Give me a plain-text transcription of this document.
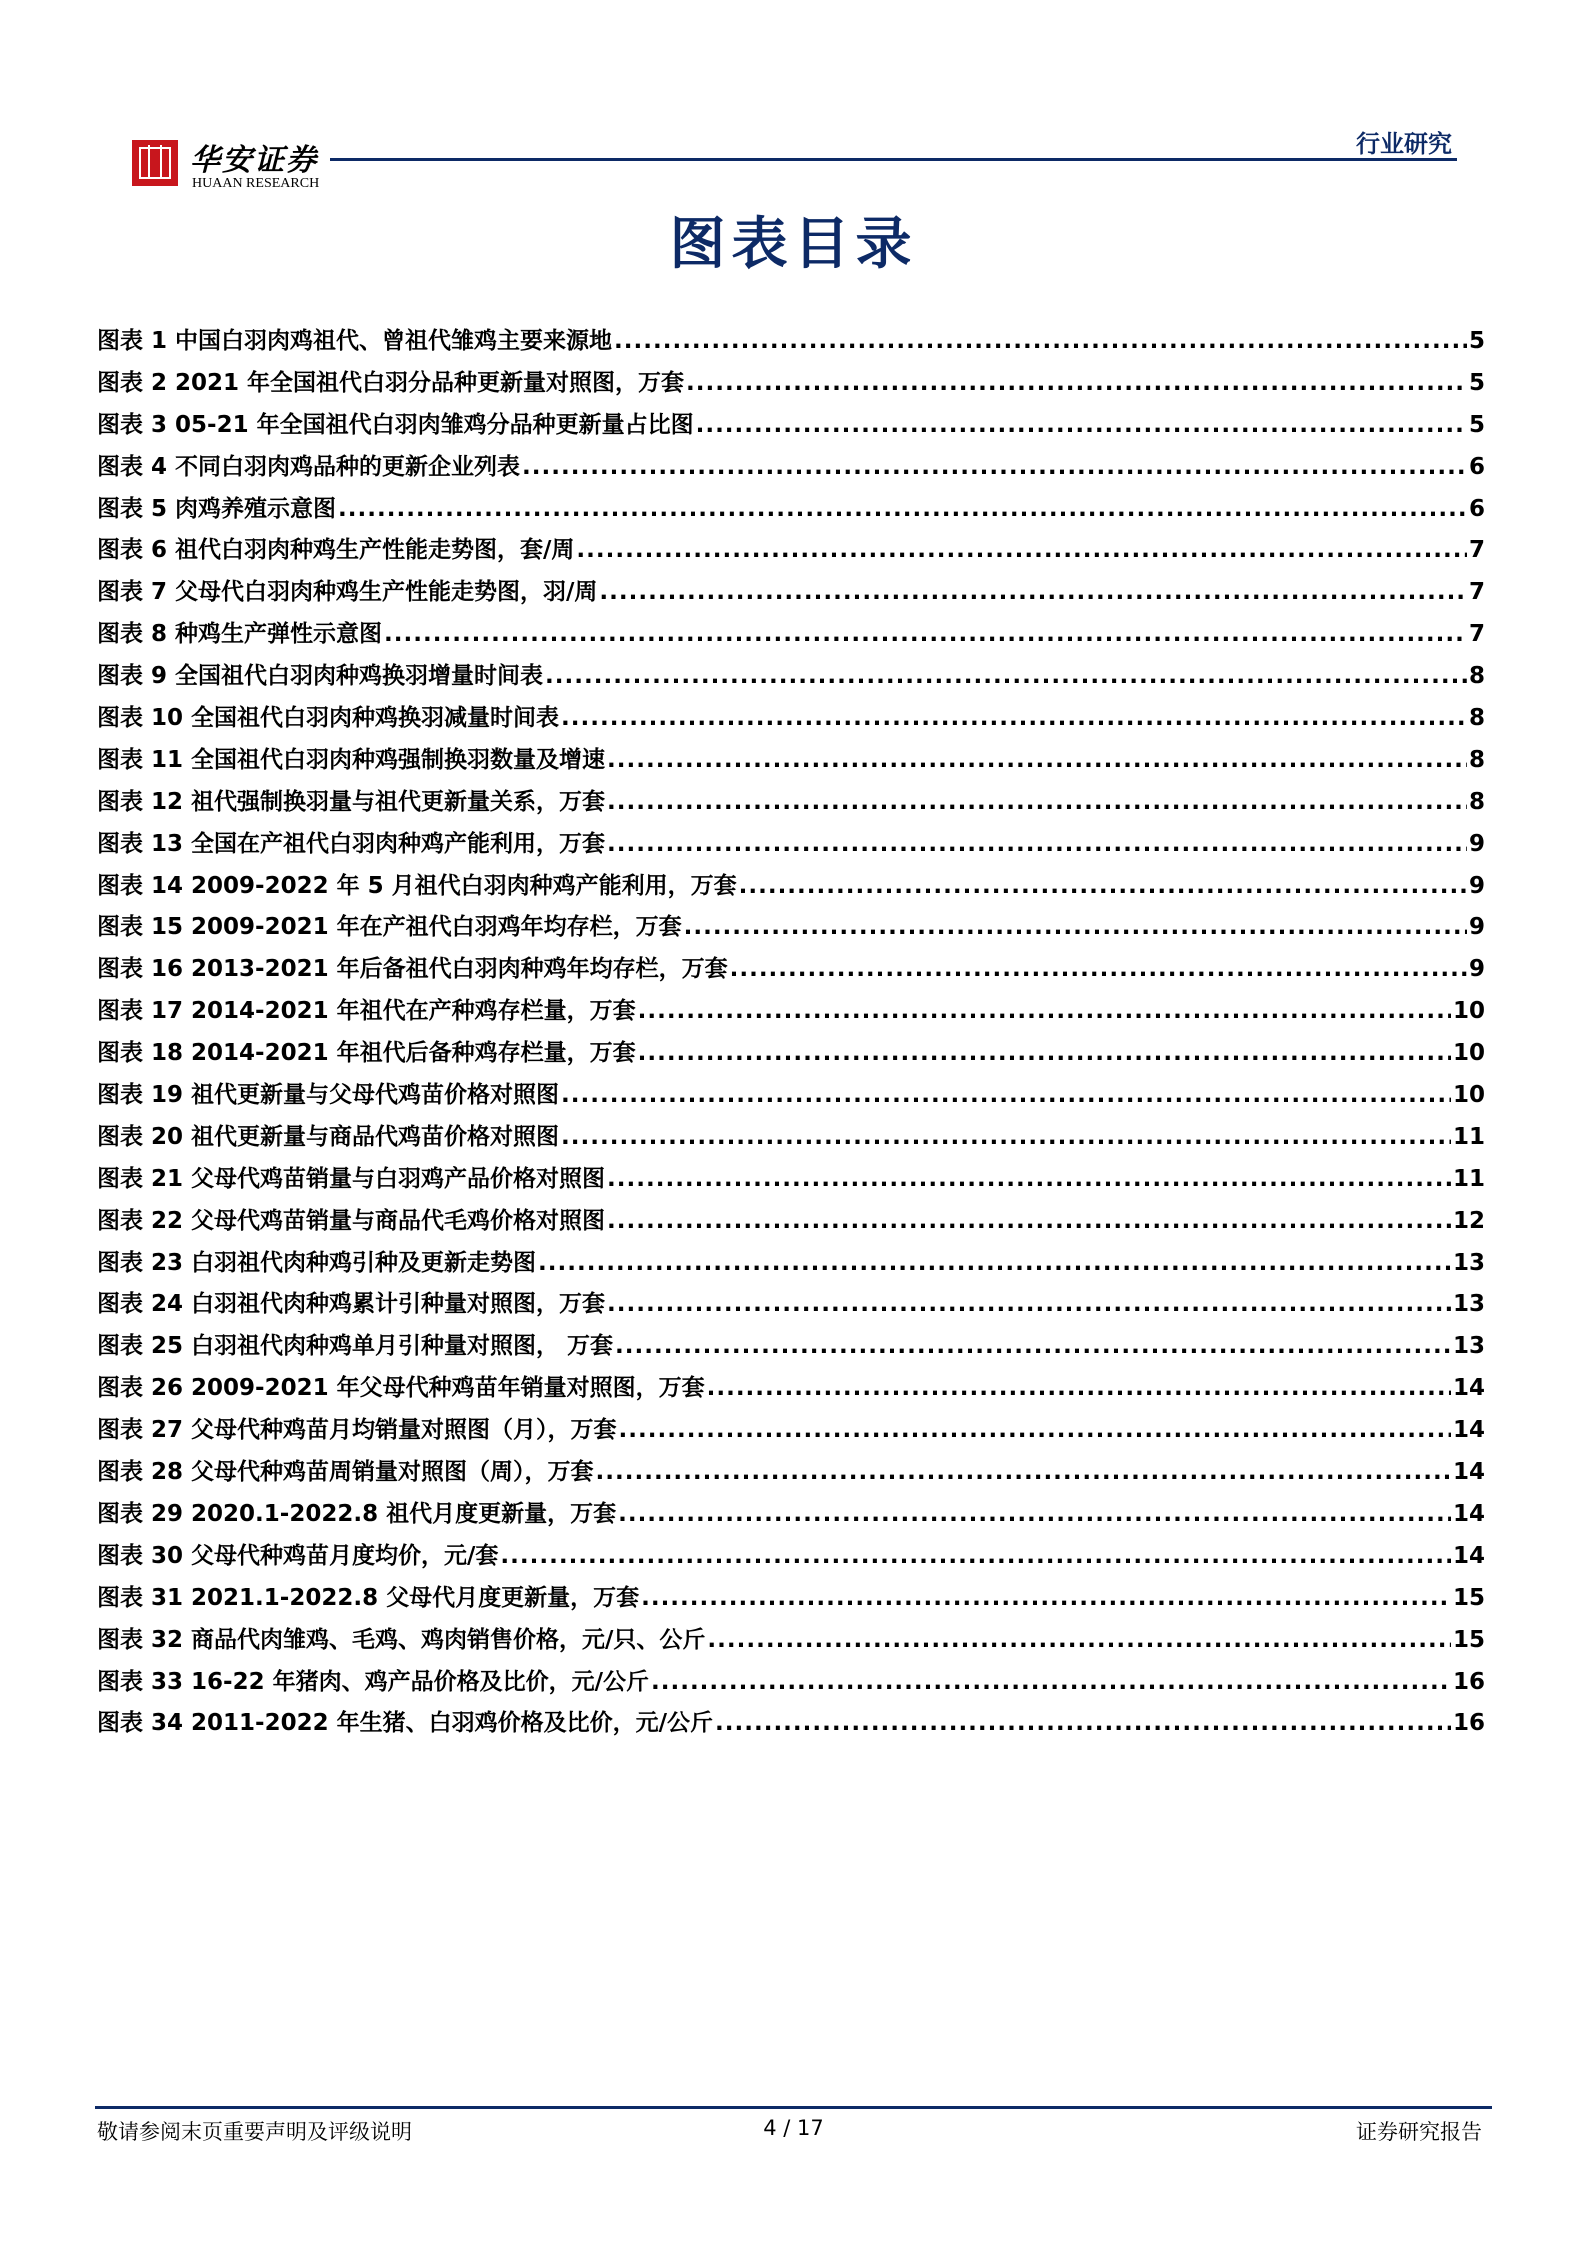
华安证券
HUAAN RESEARCH
行业研究
图表目录
图表 1 中国白羽肉鸡祖代、曾祖代雏鸡主要来源地 .....	5
图表 2 2021 年全国祖代白羽分品种更新量对照图，万套 .....	5
图表 3 05-21 年全国祖代白羽肉雏鸡分品种更新量占比图 .....	5
图表 4 不同白羽肉鸡品种的更新企业列表 .....	6
图表 5 肉鸡养殖示意图 .....	6
图表 6 祖代白羽肉种鸡生产性能走势图，套/周 .....	7
图表 7 父母代白羽肉种鸡生产性能走势图，羽/周 .....	7
图表 8 种鸡生产弹性示意图 .....	7
图表 9 全国祖代白羽肉种鸡换羽增量时间表 .....	8
图表 10 全国祖代白羽肉种鸡换羽减量时间表 .....	8
图表 11 全国祖代白羽肉种鸡强制换羽数量及增速 .....	8
图表 12 祖代强制换羽量与祖代更新量关系，万套 .....	8
图表 13 全国在产祖代白羽肉种鸡产能利用，万套 .....	9
图表 14 2009-2022 年 5 月祖代白羽肉种鸡产能利用，万套 .....	9
图表 15 2009-2021 年在产祖代白羽鸡年均存栏，万套 .....	9
图表 16 2013-2021 年后备祖代白羽肉种鸡年均存栏，万套 .....	9
图表 17 2014-2021 年祖代在产种鸡存栏量，万套 .....	10
图表 18 2014-2021 年祖代后备种鸡存栏量，万套 .....	10
图表 19 祖代更新量与父母代鸡苗价格对照图 .....	10
图表 20 祖代更新量与商品代鸡苗价格对照图 .....	11
图表 21 父母代鸡苗销量与白羽鸡产品价格对照图 .....	11
图表 22 父母代鸡苗销量与商品代毛鸡价格对照图 .....	12
图表 23 白羽祖代肉种鸡引种及更新走势图 .....	13
图表 24 白羽祖代肉种鸡累计引种量对照图，万套 .....	13
图表 25 白羽祖代肉种鸡单月引种量对照图， 万套 .....	13
图表 26 2009-2021 年父母代种鸡苗年销量对照图，万套 .....	14
图表 27 父母代种鸡苗月均销量对照图（月），万套 .....	14
图表 28 父母代种鸡苗周销量对照图（周），万套 .....	14
图表 29 2020.1-2022.8 祖代月度更新量，万套 .....	14
图表 30 父母代种鸡苗月度均价，元/套 .....	14
图表 31 2021.1-2022.8 父母代月度更新量，万套 .....	15
图表 32 商品代肉雏鸡、毛鸡、鸡肉销售价格，元/只、公斤 .....	15
图表 33 16-22 年猪肉、鸡产品价格及比价，元/公斤 .....	16
图表 34 2011-2022 年生猪、白羽鸡价格及比价，元/公斤 .....	16
敬请参阅末页重要声明及评级说明	4 / 17	证券研究报告
